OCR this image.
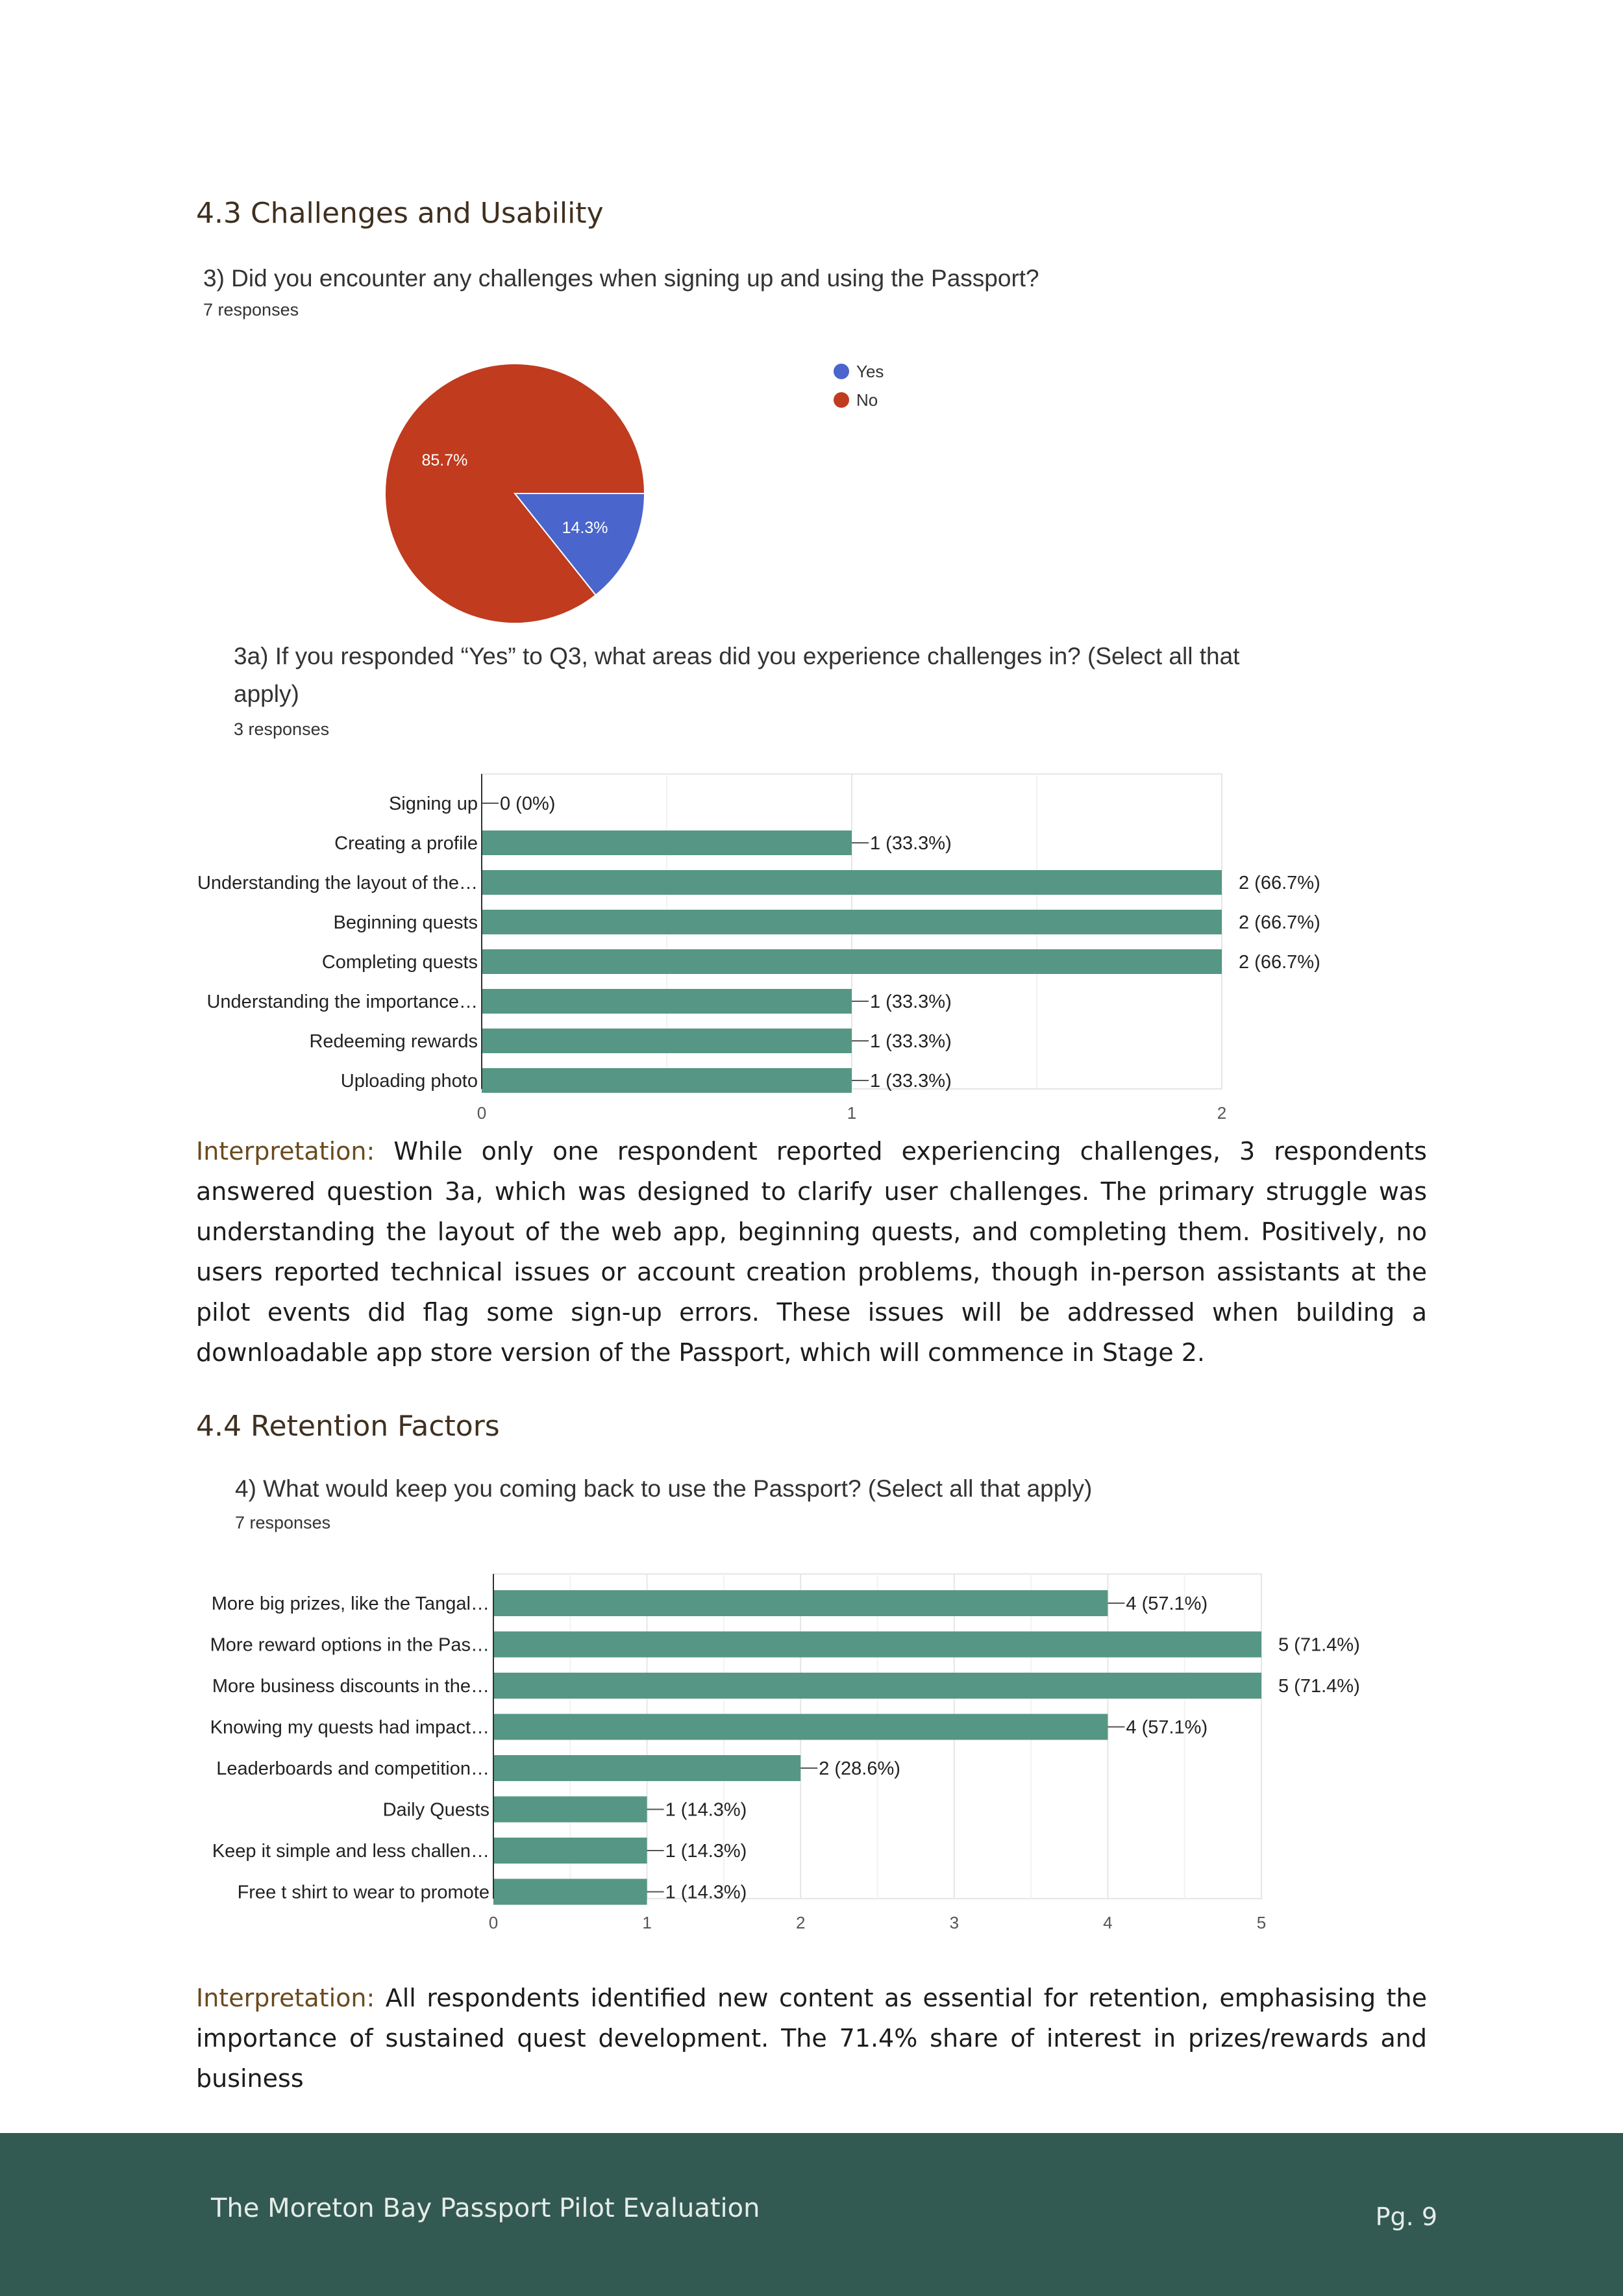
4.3 Challenges and Usability
3) Did you encounter any challenges when signing up and using the Passport?
7 responses
14.3%
85.7%
Yes
No
3a) If you responded “Yes” to Q3, what areas did you experience challenges in? (Select all that
apply)
3 responses
Signing up 0 (0%)
Creating a profile	1 (33.3%)
Understanding the layout of the…	2 (66.7%)
Beginning quests	2 (66.7%)
Completing quests	2 (66.7%)
Understanding the importance…	1 (33.3%)
Redeeming rewards	1 (33.3%)
Uploading photo	1 (33.3%)
0	1	2
Interpretation: While only one respondent reported experiencing challenges, 3 respondents answered question 3a, which was designed to clarify user challenges. The primary struggle was understanding the layout of the web app, beginning quests, and completing them. Positively, no users reported technical issues or account creation problems, though in-person assistants at the pilot events did flag some sign-up errors. These issues will be addressed when building a downloadable app store version of the Passport, which will commence in Stage 2.
4.4 Retention Factors
4) What would keep you coming back to use the Passport? (Select all that apply)
7 responses
More big prizes, like the Tangal…	4 (57.1%)
More reward options in the Pas…	5 (71.4%)
More business discounts in the…	5 (71.4%)
Knowing my quests had impact…	4 (57.1%)
Leaderboards and competition…	2 (28.6%)
Daily Quests	1 (14.3%)
Keep it simple and less challen…	1 (14.3%)
Free t shirt to wear to promote	1 (14.3%)
0	1	2	3	4	5
Interpretation: All respondents identified new content as essential for retention, emphasising the importance of sustained quest development. The 71.4% share of interest in prizes/rewards and business
The Moreton Bay Passport Pilot Evaluation	Pg. 9
